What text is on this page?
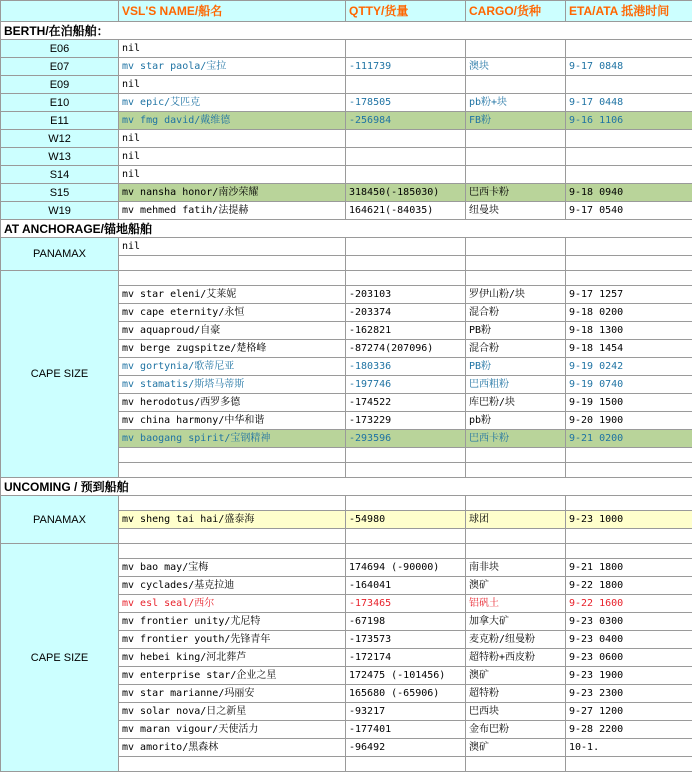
	VSL'S NAME/船名	QTTY/货量	CARGO/货种	ETA/ATA 抵港时间
BERTH/在泊船舶：				
E06	nil			
E07	mv star paola/宝拉	-111739	澳块	9-17 0848
E09	nil			
E10	mv epic/艾匹克	-178505	pb粉+块	9-17 0448
E11	mv fmg david/戴维德	-256984	FB粉	9-16 1106
W12	nil			
W13	nil			
S14	nil			
S15	mv nansha honor/南沙荣耀	318450(-185030)	巴西卡粉	9-18 0940
W19	mv mehmed fatih/法提赫	164621(-84035)	纽曼块	9-17 0540
AT ANCHORAGE/锚地船舶				
PANAMAX	nil			

CAPE SIZE				
	mv star eleni/艾莱妮	-203103	罗伊山粉/块	9-17 1257
	mv cape eternity/永恒	-203374	混合粉	9-18 0200
	mv aquaproud/自豪	-162821	PB粉	9-18 1300
	mv berge zugspitze/楚格峰	-87274(207096)	混合粉	9-18 1454
	mv gortynia/歌蒂尼亚	-180336	PB粉	9-19 0242
	mv stamatis/斯塔马蒂斯	-197746	巴西粗粉	9-19 0740
	mv herodotus/西罗多德	-174522	库巴粉/块	9-19 1500
	mv china harmony/中华和谐	-173229	pb粉	9-20 1900
	mv baogang spirit/宝钢精神	-293596	巴西卡粉	9-21 0200

UNCOMING / 预到船舶				
PANAMAX				
	mv sheng tai hai/盛泰海	-54980	球团	9-23 1000

CAPE SIZE				
	mv bao may/宝梅	174694 (-90000)	南非块	9-21 1800
	mv cyclades/基克拉迪	-164041	澳矿	9-22 1800
	mv esl seal/西尔	-173465	铝矾土	9-22 1600
	mv frontier unity/尤尼特	-67198	加拿大矿	9-23 0300
	mv frontier youth/先锋青年	-173573	麦克粉/纽曼粉	9-23 0400
	mv hebei king/河北葬芦	-172174	超特粉+西皮粉	9-23 0600
	mv enterprise star/企业之星	172475 (-101456)	澳矿	9-23 1900
	mv star marianne/玛丽安	165680 (-65906)	超特粉	9-23 2300
	mv solar nova/日之新星	-93217	巴西块	9-27 1200
	mv maran vigour/天使活力	-177401	金布巴粉	9-28 2200
	mv amorito/黑森林	-96492	澳矿	10-1.
